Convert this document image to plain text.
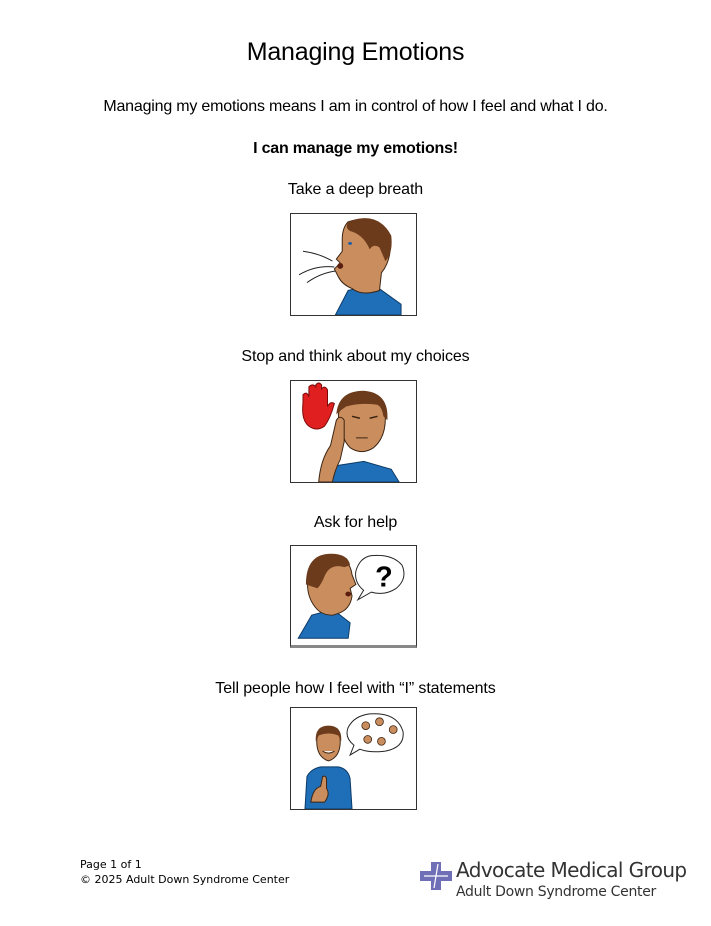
Managing Emotions
Managing my emotions means I am in control of how I feel and what I do.
I can manage my emotions!
Take a deep breath
Stop and think about my choices
Ask for help
?
Tell people how I feel with “I” statements
Page 1 of 1
© 2025 Adult Down Syndrome Center	Advocate Medical Group
Adult Down Syndrome Center
